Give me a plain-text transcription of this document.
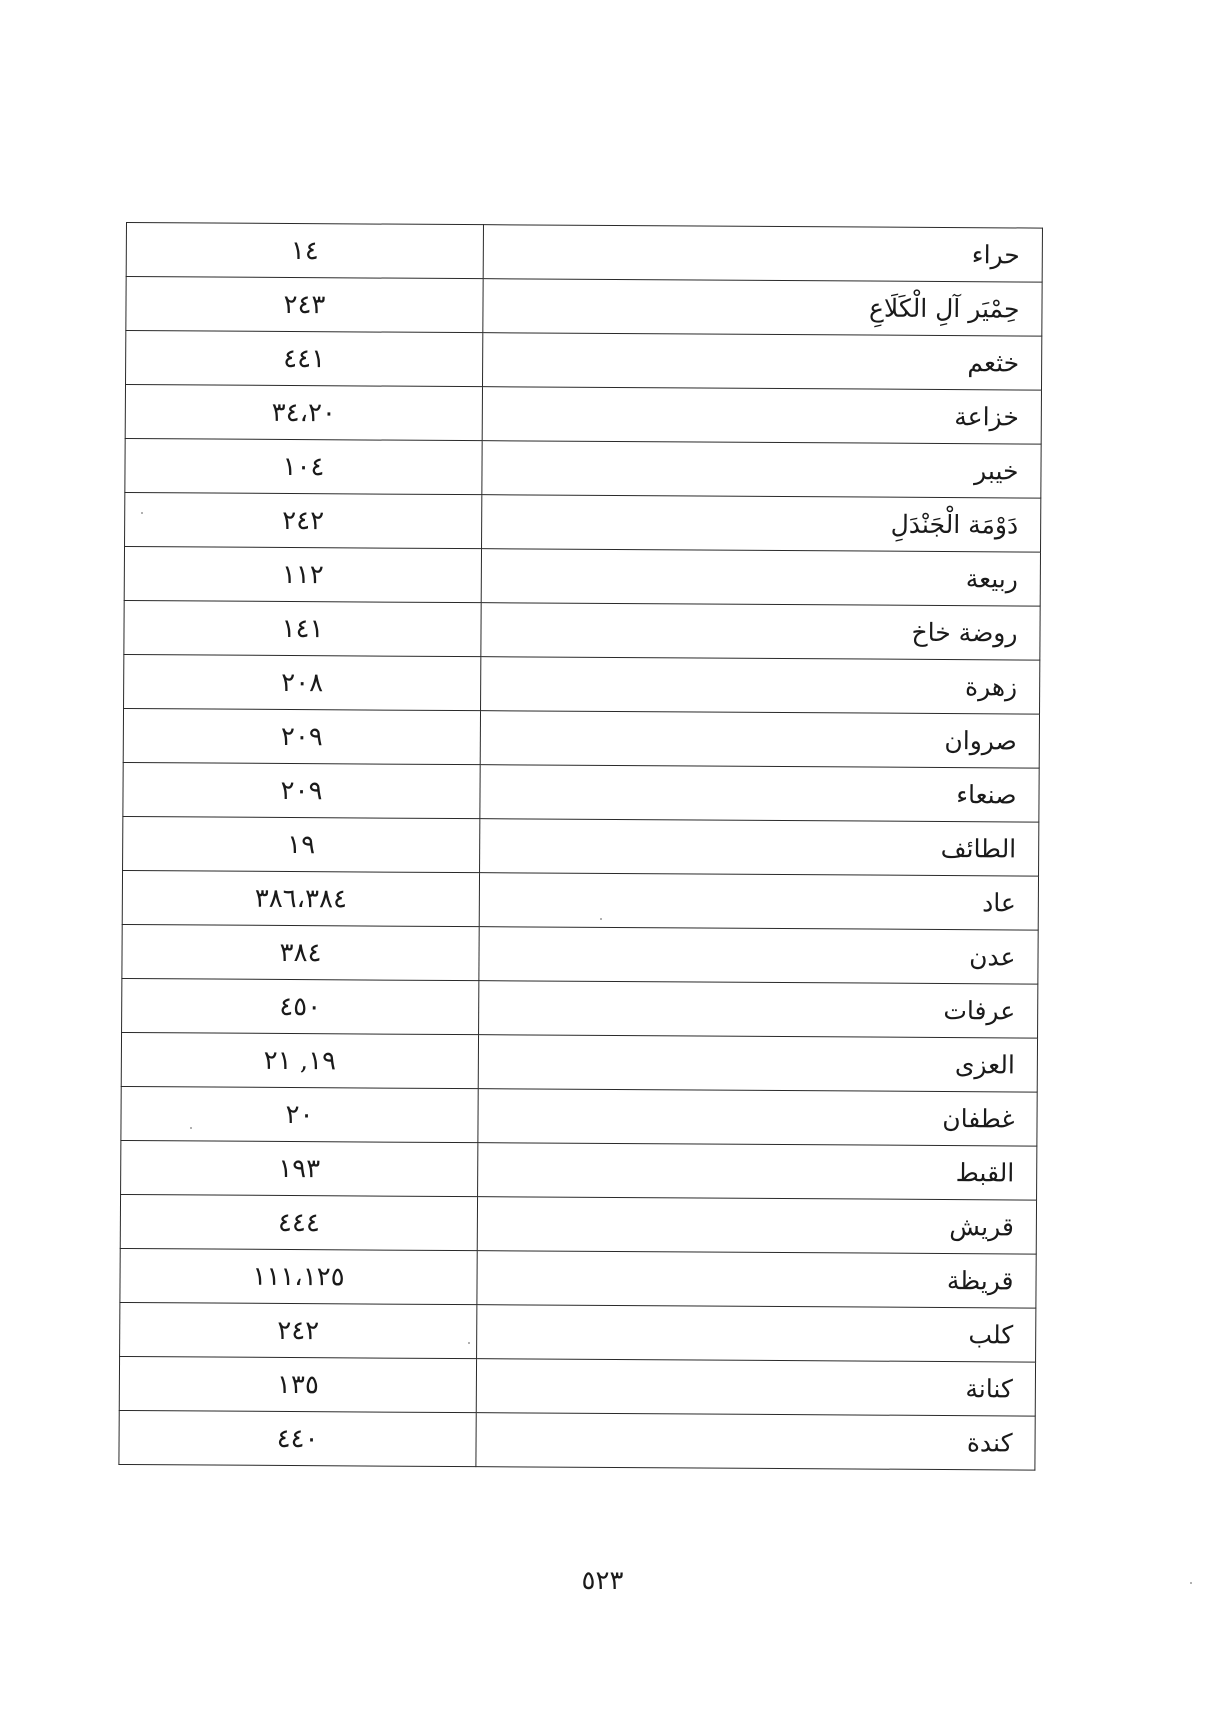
١٤	حراء
٢٤٣	حِمْيَر آلِ الْكَلَاعِ
٤٤١	خثعم
٣٤،٢٠	خزاعة
١٠٤	خيبر
٢٤٢	دَوْمَة الْجَنْدَلِ
١١٢	ربيعة
١٤١	روضة خاخ
٢٠٨	زهرة
٢٠٩	صروان
٢٠٩	صنعاء
١٩	الطائف
٣٨٦،٣٨٤	عاد
٣٨٤	عدن
٤٥٠	عرفات
١٩, ٢١	العزى
٢٠	غطفان
١٩٣	القبط
٤٤٤	قريش
١١١،١٢٥	قريظة
٢٤٢	كلب
١٣٥	كنانة
٤٤٠	كندة
٥٢٣
